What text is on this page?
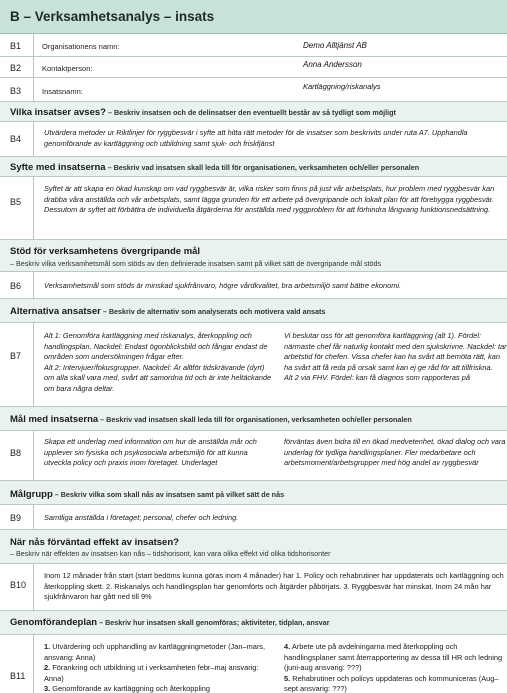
B – Verksamhetsanalys – insats
B1	Organisationens namn:	Demo Alltjänst AB
B2	Kontaktperson:	Anna Andersson
B3	Insatsnamn:
Kartläggning/riskanalys
Vilka insatser avses? – Beskriv insatsen och de delinsatser den eventuellt består av så tydligt som möjligt
B4
Utvärdera metoder ur Riktlinjer för ryggbesvär i syfte att hitta rätt metoder för de insatser som beskrivits under ruta A7. Upphandla genomförande av kartläggning och utbildning samt sjuk- och friskfjänst
Syfte med insatserna – Beskriv vad insatsen skall leda till för organisationen, verksamheten och/eller personalen
B5
Syftet är att skapa en ökad kunskap om vad ryggbesvär är, vilka risker som finns på just vår arbetsplats, hur problem med ryggbesvär kan drabba våra anställda och vår arbetsplats, samt lägga grunden för ett arbete på övergripande och lokalt plan för att förebygga ryggbesvär. Dessutom är syftet att förbättra de individuella åtgärderna för anställda med ryggproblem för att förhindra långvarig funktionsnedsättning.
Stöd för verksamhetens övergripande mål
– Beskriv vilka verksamhetsmål som stöds av den definierade insatsen samt på vilket sätt de övergripande mål stöds
B6	Verksamhetsmål som stöds är minskad sjukfrånvaro, högre vårdkvalitet, bra arbetsmiljö samt bättre ekonomi.
Alternativa ansatser – Beskriv de alternativ som analyserats och motivera vald ansats
B7
Alt 1: Genomföra kartläggning med riskanalys, återkoppling och handlingsplan. Nackdel: Endast ögonblicksbild och fångar endast de områden som undersökningen frågar efter.
Alt 2: Intervjuer/fokusgrupper. Nackdel: Är alltför tidskrävande (dyrt) om alla skall vara med, svårt att samordna tid och är inte heltäckande om bara några deltar.
Vi beslutar oss för att genomföra kartläggning (alt 1). Fördel: närmaste chef får naturlig kontakt med den sjukskrivne. Nackdel: tar arbetstid för chefen. Vissa chefer kan ha svårt att bemöta rätt, kan ha svårt att få reda på orsak samt kan ej ge råd för att tillfriskna.
Alt 2 via FHV. Fördel: kan få diagnos som rapporteras på
Mål med insatserna – Beskriv vad insatsen skall leda till för organisationen, verksamheten och/eller personalen
B8
Skapa ett underlag med information om hur de anställda mår och upplever sin fysiska och psykosociala arbetsmiljö för att kunna utveckla policy och praxis inom företaget. Underlaget
förväntas även bidra till en ökad medvetenhet, ökad dialog och vara underlag för tydliga handlingsplaner. Fler medarbetare och arbetsmoment/arbetsgrupper med hög andel av ryggbesvär
Målgrupp – Beskriv vilka som skall nås av insatsen samt på vilket sätt de nås
B9	Samtliga anställda i företaget; personal, chefer och ledning.
När nås förväntad effekt av insatsen?
– Beskriv när effekten av insatsen kan nås – tidshorisont, kan vara olika effekt vid olika tidshorisonter
B10
Inom 12 månader från start (start bedöms kunna göras inom 4 månader) har 1. Policy och rehabrutiner har uppdaterats och kartläggning och återkoppling skett. 2. Riskanalys och handlingsplan har genomförts och åtgärder påbörjats. 3. Ryggbesvär har minskat. Inom 24 mån har sjukfrånvaron har gått ned till 9%
Genomförandeplan – Beskriv hur insatsen skall genomföras; aktiviteter, tidplan, ansvar
B11
1. Utvärdering och upphandling av kartläggningmetoder (Jan–mars, ansvarig: Anna)
2. Förankring och utbildning ut i verksamheten febr–maj ansvarig: Anna)
3. Genomförande av kartläggning och återkoppling
4. Arbete ute på avdelningarna med återkoppling och handlingsplaner samt återrapportering av dessa till HR och ledning (juni-aug ansvarig: ???)
5. Rehabrutiner och policys uppdateras och kommuniceras (Aug–sept ansvarig: ???)
